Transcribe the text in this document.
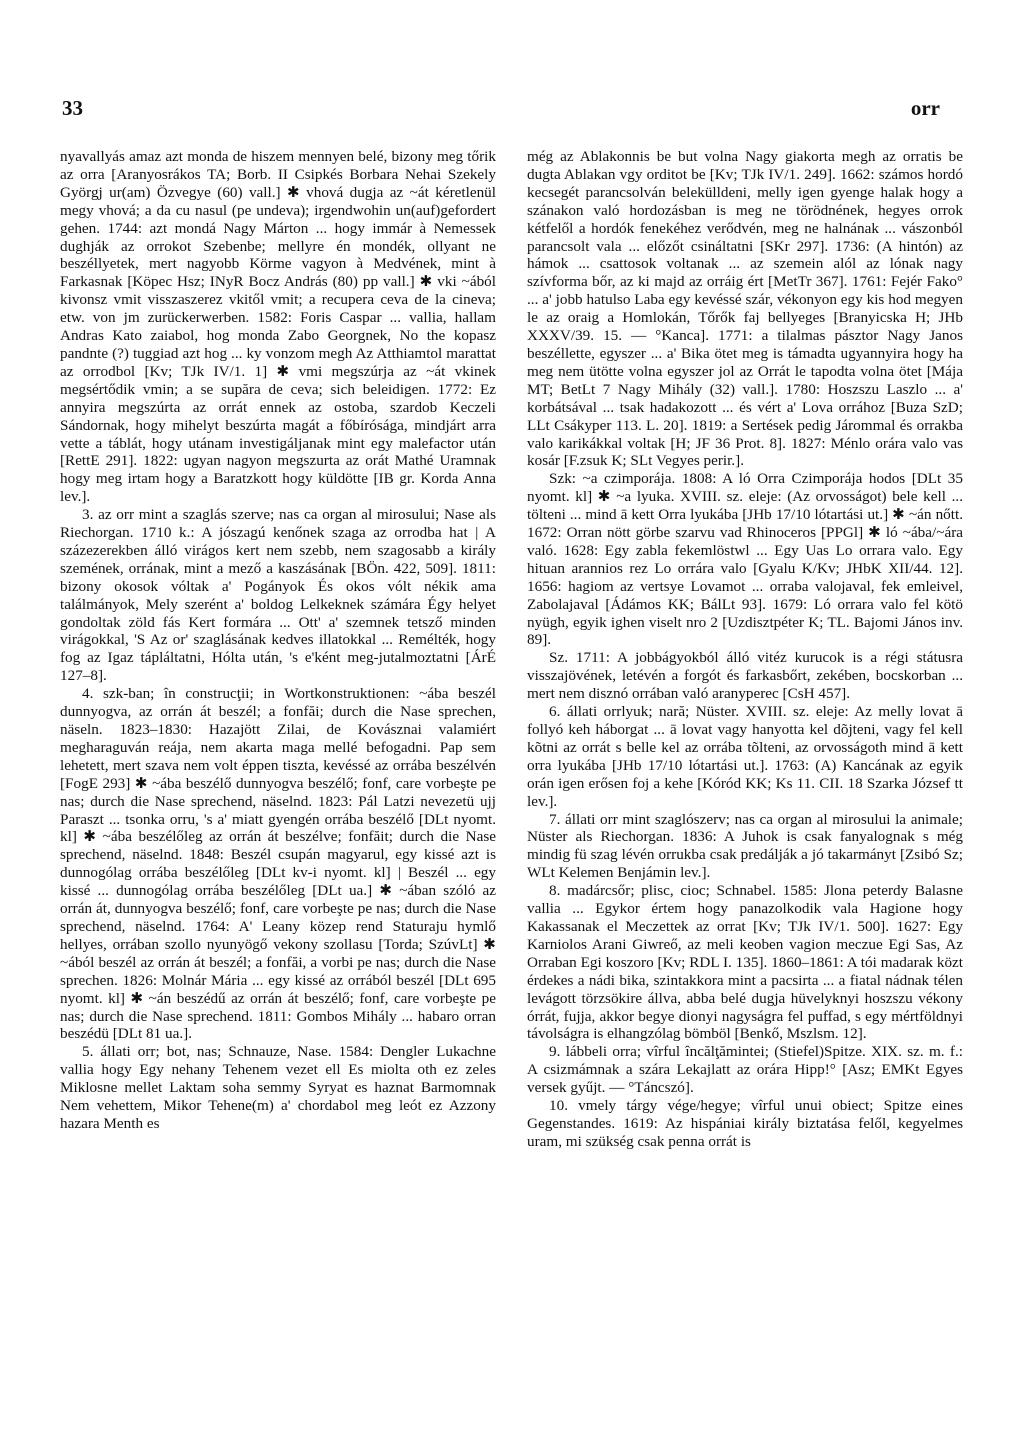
33	orr

nyavallyás amaz azt monda de hiszem mennyen belé, bizony meg tőrik az orra [Aranyosrákos TA; Borb. II Csipkés Borbara Nehai Szekely Györgj ur(am) Özvegye (60) vall.] ✱ vhová dugja az ~át kéretlenül megy vhová; a da cu nasul (pe undeva); irgendwohin un(auf)gefordert gehen. 1744: azt mondá Nagy Márton ... hogy immár à Nemessek dughják az orrokot Szebenbe; mellyre én mondék, ollyant ne beszéllyetek, mert nagyobb Körme vagyon à Medvének, mint à Farkasnak [Köpec Hsz; INyR Bocz András (80) pp vall.] ✱ vki ~ából kivonsz vmit visszaszerez vkitől vmit; a recupera ceva de la cineva; etw. von jm zurückerwerben. 1582: Foris Caspar ... vallia, hallam Andras Kato zaiabol, hog monda Zabo Georgnek, No the kopasz pandnte (?) tuggiad azt hog ... ky vonzom megh Az Atthiamtol marattat az orrodbol [Kv; TJk IV/1. 1] ✱ vmi megszúrja az ~át vkinek megsértődik vmin; a se supăra de ceva; sich beleidigen. 1772: Ez annyira megszúrta az orrát ennek az ostoba, szardob Keczeli Sándornak, hogy mihelyt beszúrta magát a főbírósága, mindjárt arra vette a táblát, hogy utánam investigáljanak mint egy malefactor után [RettE 291]. 1822: ugyan nagyon megszurta az orát Mathé Uramnak hogy meg irtam hogy a Baratzkott hogy küldötte [IB gr. Korda Anna lev.].

3. az orr mint a szaglás szerve; nas ca organ al mirosului; Nase als Riechorgan. 1710 k.: A jószagú kenőnek szaga az orrodba hat | A százezerekben álló virágos kert nem szebb, nem szagosabb a király szemének, orrának, mint a mező a kaszásának [BÖn. 422, 509]. 1811: bizony okosok vóltak a' Pogányok És okos vólt nékik ama találmányok, Mely szerént a' boldog Lelkeknek számára Égy helyet gondoltak zöld fás Kert formára ... Ott' a' szemnek tetsző minden virágokkal, 'S Az or' szaglásának kedves illatokkal ... Remélték, hogy fog az Igaz tápláltatni, Hólta után, 's e'ként meg-jutalmoztatni [ÁrÉ 127–8].

4. szk-ban; în construcţii; in Wortkonstruktionen: ~ába beszél dunnyogva, az orrán át beszél; a fonfăi; durch die Nase sprechen, näseln. 1823–1830: Hazajött Zilai, de Kovásznai valamiért megharaguván reája, nem akarta maga mellé befogadni. Pap sem lehetett, mert szava nem volt éppen tiszta, kevéssé az orrába beszélvén [FogE 293] ✱ ~ába beszélő dunnyogva beszélő; fonf, care vorbeşte pe nas; durch die Nase sprechend, näselnd. 1823: Pál Latzi nevezetü ujj Paraszt ... tsonka orru, 's a' miatt gyengén orrába beszélő [DLt nyomt. kl] ✱ ~ába beszélőleg az orrán át beszélve; fonfăit; durch die Nase sprechend, näselnd. 1848: Beszél csupán magyarul, egy kissé azt is dunnogólag orrába beszélőleg [DLt kv-i nyomt. kl] | Beszél ... egy kissé ... dunnogólag orrába beszélőleg [DLt ua.] ✱ ~ában szóló az orrán át, dunnyogva beszélő; fonf, care vorbeşte pe nas; durch die Nase sprechend, näselnd. 1764: A' Leany közep rend Staturaju hymlő hellyes, orrában szollo nyunyögő vekony szollasu [Torda; SzúvLt] ✱ ~ából beszél az orrán át beszél; a fonfăi, a vorbi pe nas; durch die Nase sprechen. 1826: Molnár Mária ... egy kissé az orrából beszél [DLt 695 nyomt. kl] ✱ ~án beszédű az orrán át beszélő; fonf, care vorbeşte pe nas; durch die Nase sprechend. 1811: Gombos Mihály ... habaro orran beszédü [DLt 81 ua.].

5. állati orr; bot, nas; Schnauze, Nase. 1584: Dengler Lukachne vallia hogy Egy nehany Tehenem vezet ell Es miolta oth ez zeles Miklosne mellet Laktam soha semmy Syryat es haznat Barmomnak Nem vehettem, Mikor Tehene(m) a' chordabol meg leót ez Azzony hazara Menth es

még az Ablakonnis be but volna Nagy giakorta megh az orratis be dugta Ablakan vgy orditot be [Kv; TJk IV/1. 249]. 1662: számos hordó kecsegét parancsolván belekülldeni, melly igen gyenge halak hogy a szánakon való hordozásban is meg ne törödnének, hegyes orrok kétfelől a hordók fenekéhez verődvén, meg ne halnának ... vászonból parancsolt vala ... előzőt csináltatni [SKr 297]. 1736: (A hintón) az hámok ... csattosok voltanak ... az szemein alól az lónak nagy szívforma bőr, az ki majd az orráig ért [MetTr 367]. 1761: Fejér Fako° ... a' jobb hatulso Laba egy kevéssé szár, vékonyon egy kis hod megyen le az oraig a Homlokán, Tőrők faj bellyeges [Branyicska H; JHb XXXV/39. 15. — °Kanca]. 1771: a tilalmas pásztor Nagy Janos beszéllette, egyszer ... a' Bika ötet meg is támadta ugyannyira hogy ha meg nem ütötte volna egyszer jol az Orrát le tapodta volna ötet [Mája MT; BetLt 7 Nagy Mihály (32) vall.]. 1780: Hoszszu Laszlo ... a' korbátsával ... tsak hadakozott ... és vért a' Lova orrához [Buza SzD; LLt Csákyper 113. L. 20]. 1819: a Sertések pedig Járommal és orrakba valo karikákkal voltak [H; JF 36 Prot. 8]. 1827: Ménlo orára valo vas kosár [F.zsuk K; SLt Vegyes perir.].

Szk: ~a czimporája. 1808: A ló Orra Czimporája hodos [DLt 35 nyomt. kl] ✱ ~a lyuka. XVIII. sz. eleje: (Az orvosságot) bele kell ... tölteni ... mind ā kett Orra lyukába [JHb 17/10 lótartási ut.] ✱ ~án nőtt. 1672: Orran nött görbe szarvu vad Rhinoceros [PPGl] ✱ ló ~ába/~ára való. 1628: Egy zabla fekemlöstwl ... Egy Uas Lo orrara valo. Egy hituan arannios rez Lo orrára valo [Gyalu K/Kv; JHbK XII/44. 12]. 1656: hagiom az vertsye Lovamot ... orraba valojaval, fek emleivel, Zabolajaval [Ádámos KK; BálLt 93]. 1679: Ló orrara valo fel kötö nyügh, egyik ighen viselt nro 2 [Uzdisztpéter K; TL. Bajomi János inv. 89].

Sz. 1711: A jobbágyokból álló vitéz kurucok is a régi státusra visszajövének, letévén a forgót és farkasbőrt, zekében, bocskorban ... mert nem disznó orrában való aranyperec [CsH 457].

6. állati orrlyuk; nară; Nüster. XVIII. sz. eleje: Az melly lovat ā follyó keh háborgat ... ā lovat vagy hanyotta kel dõjteni, vagy fel kell kõtni az orrát s belle kel az orrába tõlteni, az orvosságoth mind ā kett orra lyukába [JHb 17/10 lótartási ut.]. 1763: (A) Kancának az egyik orán igen erősen foj a kehe [Kóród KK; Ks 11. CII. 18 Szarka József tt lev.].

7. állati orr mint szaglószerv; nas ca organ al mirosului la animale; Nüster als Riechorgan. 1836: A Juhok is csak fanyalognak s még mindig fü szag lévén orrukba csak predálják a jó takarmányt [Zsibó Sz; WLt Kelemen Benjámin lev.].

8. madárcsőr; plisc, cioc; Schnabel. 1585: Jlona peterdy Balasne vallia ... Egykor értem hogy panazolkodik vala Hagione hogy Kakassanak el Meczettek az orrat [Kv; TJk IV/1. 500]. 1627: Egy Karniolos Arani Giwreő, az meli keoben vagion meczue Egi Sas, Az Orraban Egi koszoro [Kv; RDL I. 135]. 1860–1861: A tói madarak közt érdekes a nádi bika, szintakkora mint a pacsirta ... a fiatal nádnak télen levágott törzsökire állva, abba belé dugja hüvelyknyi hoszszu vékony órrát, fujja, akkor begye dionyi nagyságra fel puffad, s egy mértföldnyi távolságra is elhangzólag bömböl [Benkő, Mszlsm. 12].

9. lábbeli orra; vîrful încălţămintei; (Stiefel)Spitze. XIX. sz. m. f.: A csizmámnak a szára Lekajlatt az orára Hipp!° [Asz; EMKt Egyes versek gyűjt. — °Táncszó].

10. vmely tárgy vége/hegye; vîrful unui obiect; Spitze eines Gegenstandes. 1619: Az hispániai király biztatása felől, kegyelmes uram, mi szükség csak penna orrát is
